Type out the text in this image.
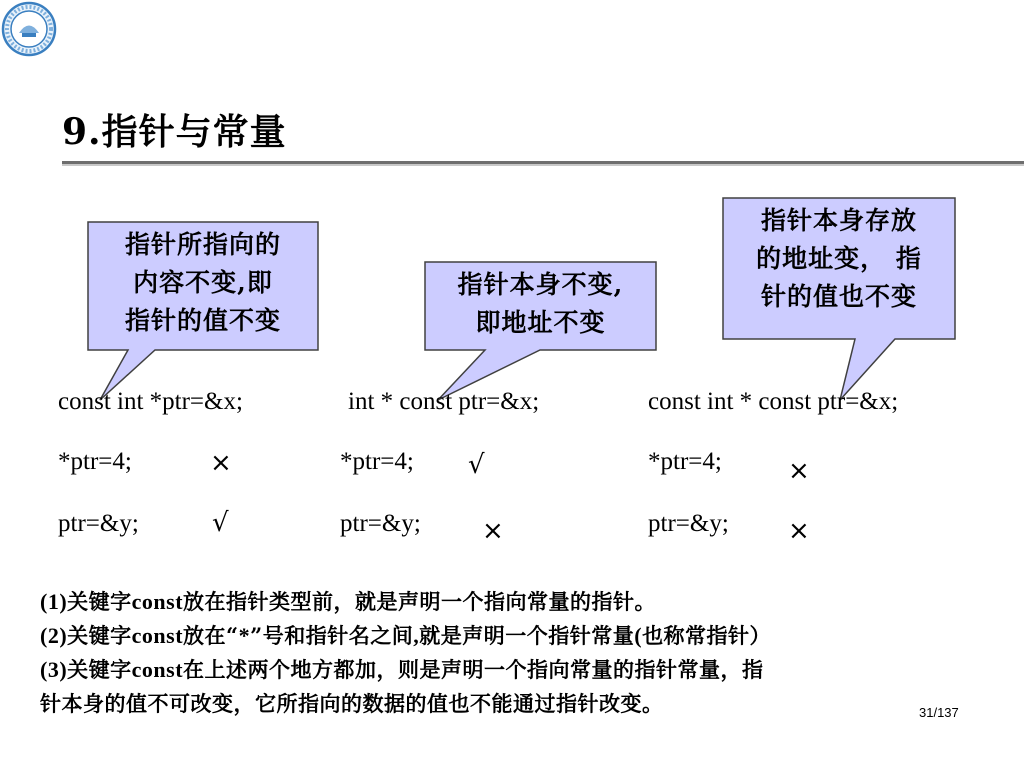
9.指针与常量
指针所指向的
内容不变,即
指针的值不变
指针本身不变,
即地址不变
指针本身存放
的地址变， 指
针的值也不变
const int *ptr=&x;
*ptr=4;	×
ptr=&y;	√
int * const ptr=&x;
*ptr=4; √
ptr=&y; ×
const int * const ptr=&x;
*ptr=4;	×
ptr=&y; ×
(1)关键字const放在指针类型前，就是声明一个指向常量的指针。
(2)关键字const放在“*”号和指针名之间,就是声明一个指针常量(也称常指针）
(3)关键字const在上述两个地方都加，则是声明一个指向常量的指针常量，指
针本身的值不可改变，它所指向的数据的值也不能通过指针改变。	31/137
